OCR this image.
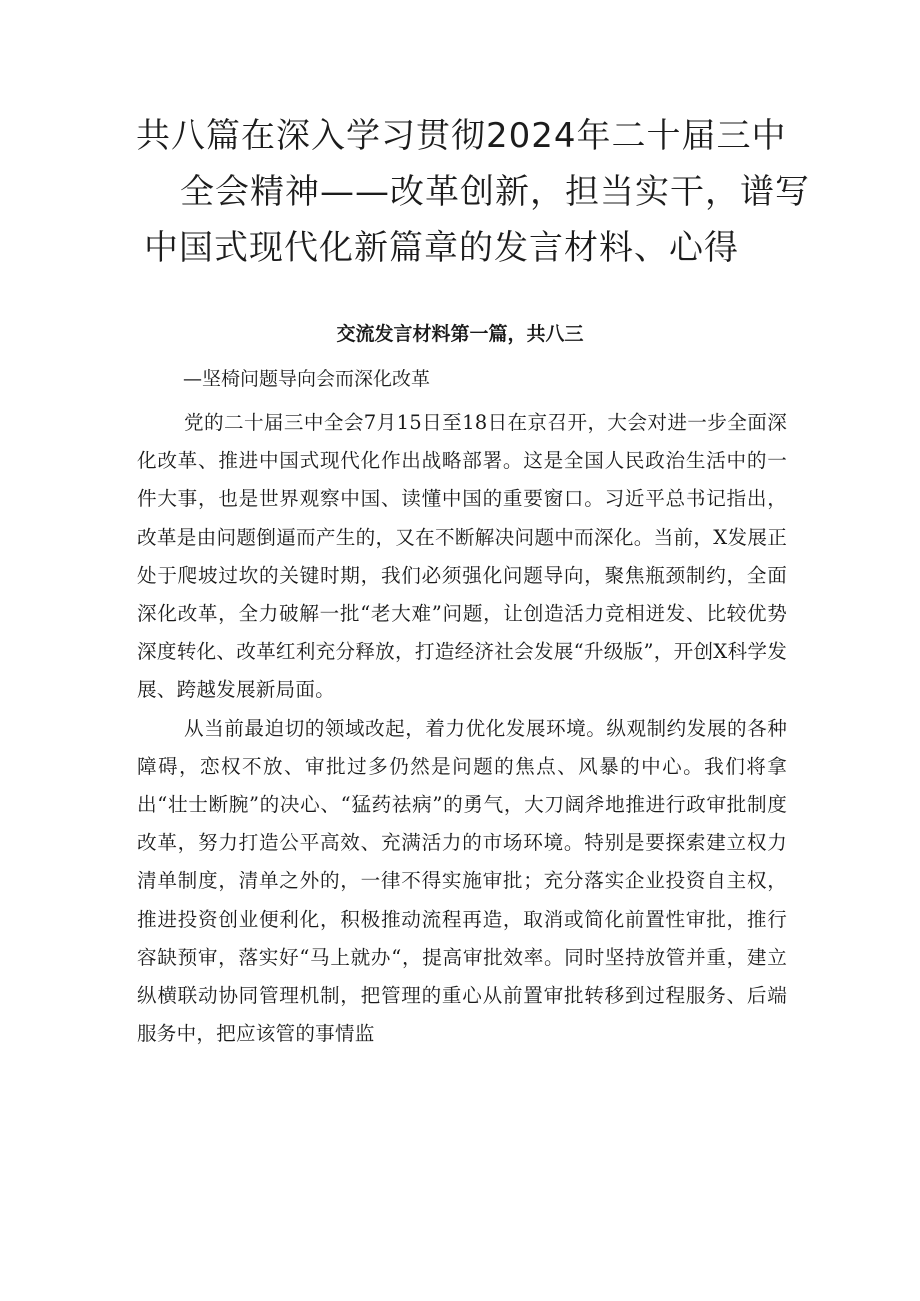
共八篇在深入学习贯彻2024年二十届三中
全会精神——改革创新，担当实干，谱写
中国式现代化新篇章的发言材料、心得
交流发言材料第一篇，共八三

—坚椅问题导向会而深化改革

党的二十届三中全会7月15日至18日在京召开，大会对进一步全面深化改革、推进中国式现代化作出战略部署。这是全国人民政治生活中的一件大事，也是世界观察中国、读懂中国的重要窗口。习近平总书记指出，改革是由问题倒逼而产生的，又在不断解决问题中而深化。当前，X发展正处于爬坡过坎的关键时期，我们必须强化问题导向，聚焦瓶颈制约，全面深化改革，全力破解一批“老大难”问题，让创造活力竞相迸发、比较优势深度转化、改革红利充分释放，打造经济社会发展“升级版”，开创X科学发展、跨越发展新局面。

从当前最迫切的领域改起，着力优化发展环境。纵观制约发展的各种障碍，恋权不放、审批过多仍然是问题的焦点、风暴的中心。我们将拿出“壮士断腕”的决心、“猛药祛病”的勇气，大刀阔斧地推进行政审批制度改革，努力打造公平高效、充满活力的市场环境。特别是要探索建立权力清单制度，清单之外的，一律不得实施审批；充分落实企业投资自主权，推进投资创业便利化，积极推动流程再造，取消或简化前置性审批，推行容缺预审，落实好“马上就办“，提高审批效率。同时坚持放管并重，建立纵横联动协同管理机制，把管理的重心从前置审批转移到过程服务、后端服务中，把应该管的事情监
